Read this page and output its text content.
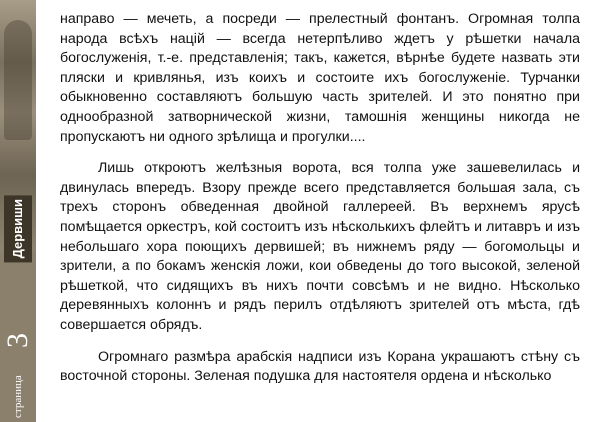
Дервиши
3
страница

направо — мечеть, а посреди — прелестный фонтанъ. Огромная толпа народа всѣхъ націй — всегда нетерпѣливо ждетъ у рѣшетки начала богослуженія, т.-е. представленія; такъ, кажется, вѣрнѣе будете назвать эти пляски и кривлянья, изъ коихъ и состоите ихъ богослуженіе. Турчанки обыкновенно составляютъ большую часть зрителей. И это понятно при однообразной затворнической жизни, тамошнія женщины никогда не пропускаютъ ни одного зрѣлища и прогулки....

Лишь откроютъ желѣзныя ворота, вся толпа уже зашевелилась и двинулась впередъ. Взору прежде всего представляется большая зала, съ трехъ сторонъ обведенная двойной галлереей. Въ верхнемъ ярусѣ помѣщается оркестръ, кой состоитъ изъ нѣсколькихъ флейтъ и литавръ и изъ небольшаго хора поющихъ дервишей; въ нижнемъ ряду — богомольцы и зрители, а по бокамъ женскія ложи, кои обведены до того высокой, зеленой рѣшеткой, что сидящихъ въ нихъ почти совсѣмъ и не видно. Нѣсколько деревянныхъ колоннъ и рядъ перилъ отдѣляютъ зрителей отъ мѣста, гдѣ совершается обрядъ.

Огромнаго размѣра арабскія надписи изъ Корана украшаютъ стѣну съ восточной стороны. Зеленая подушка для настоятеля ордена и нѣсколько
